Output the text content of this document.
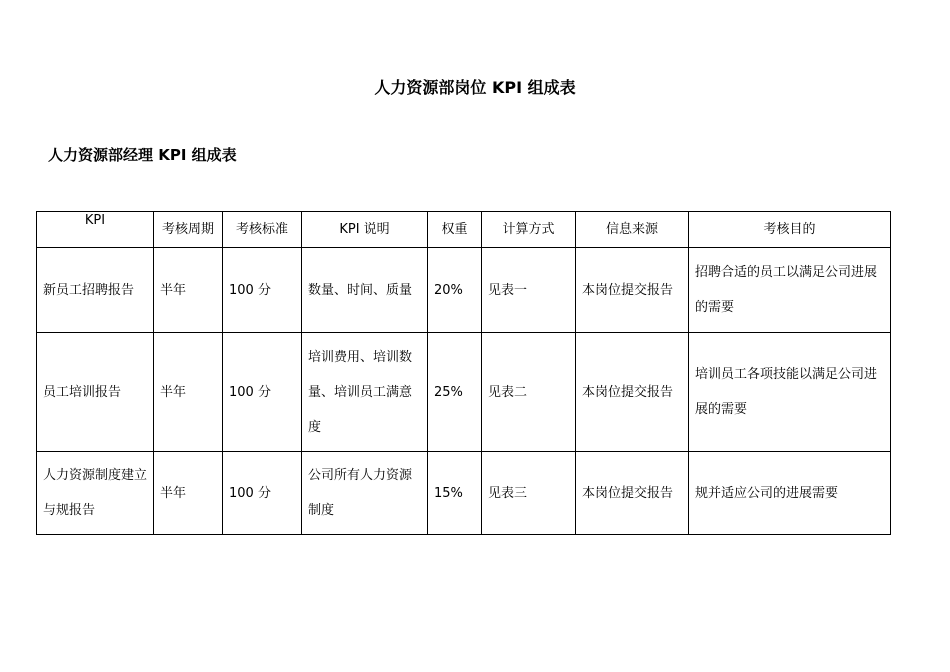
人力资源部岗位 KPI 组成表
人力资源部经理 KPI 组成表
KPI	考核周期	考核标准	KPI 说明	权重	计算方式	信息来源	考核目的
新员工招聘报告	半年	100 分	数量、时间、质量	20%	见表一	本岗位提交报告	招聘合适的员工以满足公司进展的需要
员工培训报告	半年	100 分	培训费用、培训数量、培训员工满意度	25%	见表二	本岗位提交报告	培训员工各项技能以满足公司进展的需要
人力资源制度建立与规报告	半年	100 分	公司所有人力资源制度	15%	见表三	本岗位提交报告	规并适应公司的进展需要
